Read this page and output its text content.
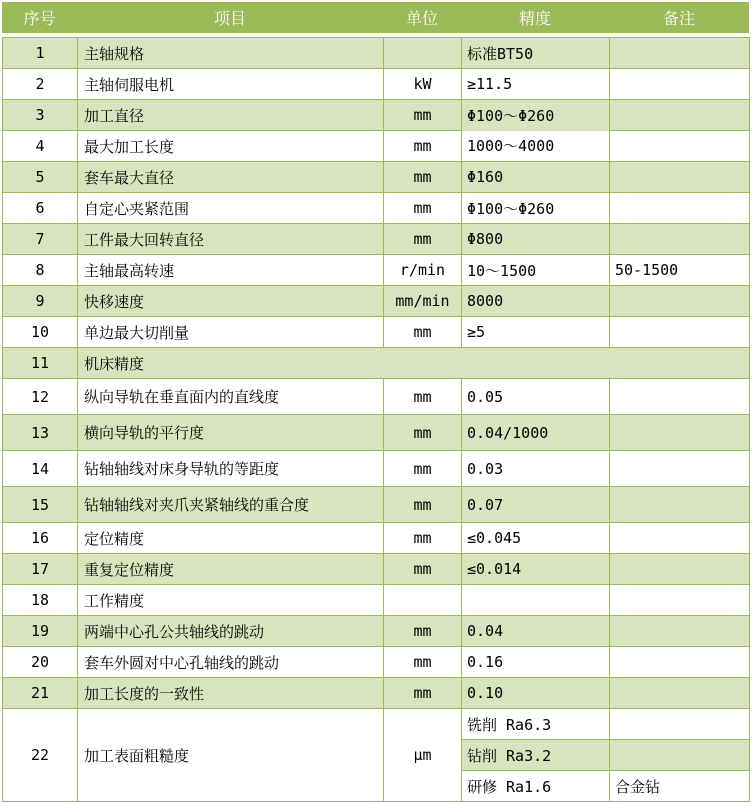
序号	项目	单位	精度	备注
1	主轴规格		标准BT50	
2	主轴伺服电机	kW	≥11.5	
3	加工直径	mm	Φ100～Φ260	
4	最大加工长度	mm	1000～4000	
5	套车最大直径	mm	Φ160	
6	自定心夹紧范围	mm	Φ100～Φ260	
7	工件最大回转直径	mm	Φ800	
8	主轴最高转速	r/min	10～1500	50-1500
9	快移速度	mm/min	8000	
10	单边最大切削量	mm	≥5	
11	机床精度			
12	纵向导轨在垂直面内的直线度	mm	0.05	
13	横向导轨的平行度	mm	0.04/1000	
14	钻轴轴线对床身导轨的等距度	mm	0.03	
15	钻轴轴线对夹爪夹紧轴线的重合度	mm	0.07	
16	定位精度	mm	≤0.045	
17	重复定位精度	mm	≤0.014	
18	工作精度			
19	两端中心孔公共轴线的跳动	mm	0.04	
20	套车外圆对中心孔轴线的跳动	mm	0.16	
21	加工长度的一致性	mm	0.10	
22	加工表面粗糙度	μm	铣削 Ra6.3	
			钻削 Ra3.2	
			研修 Ra1.6	合金钻
